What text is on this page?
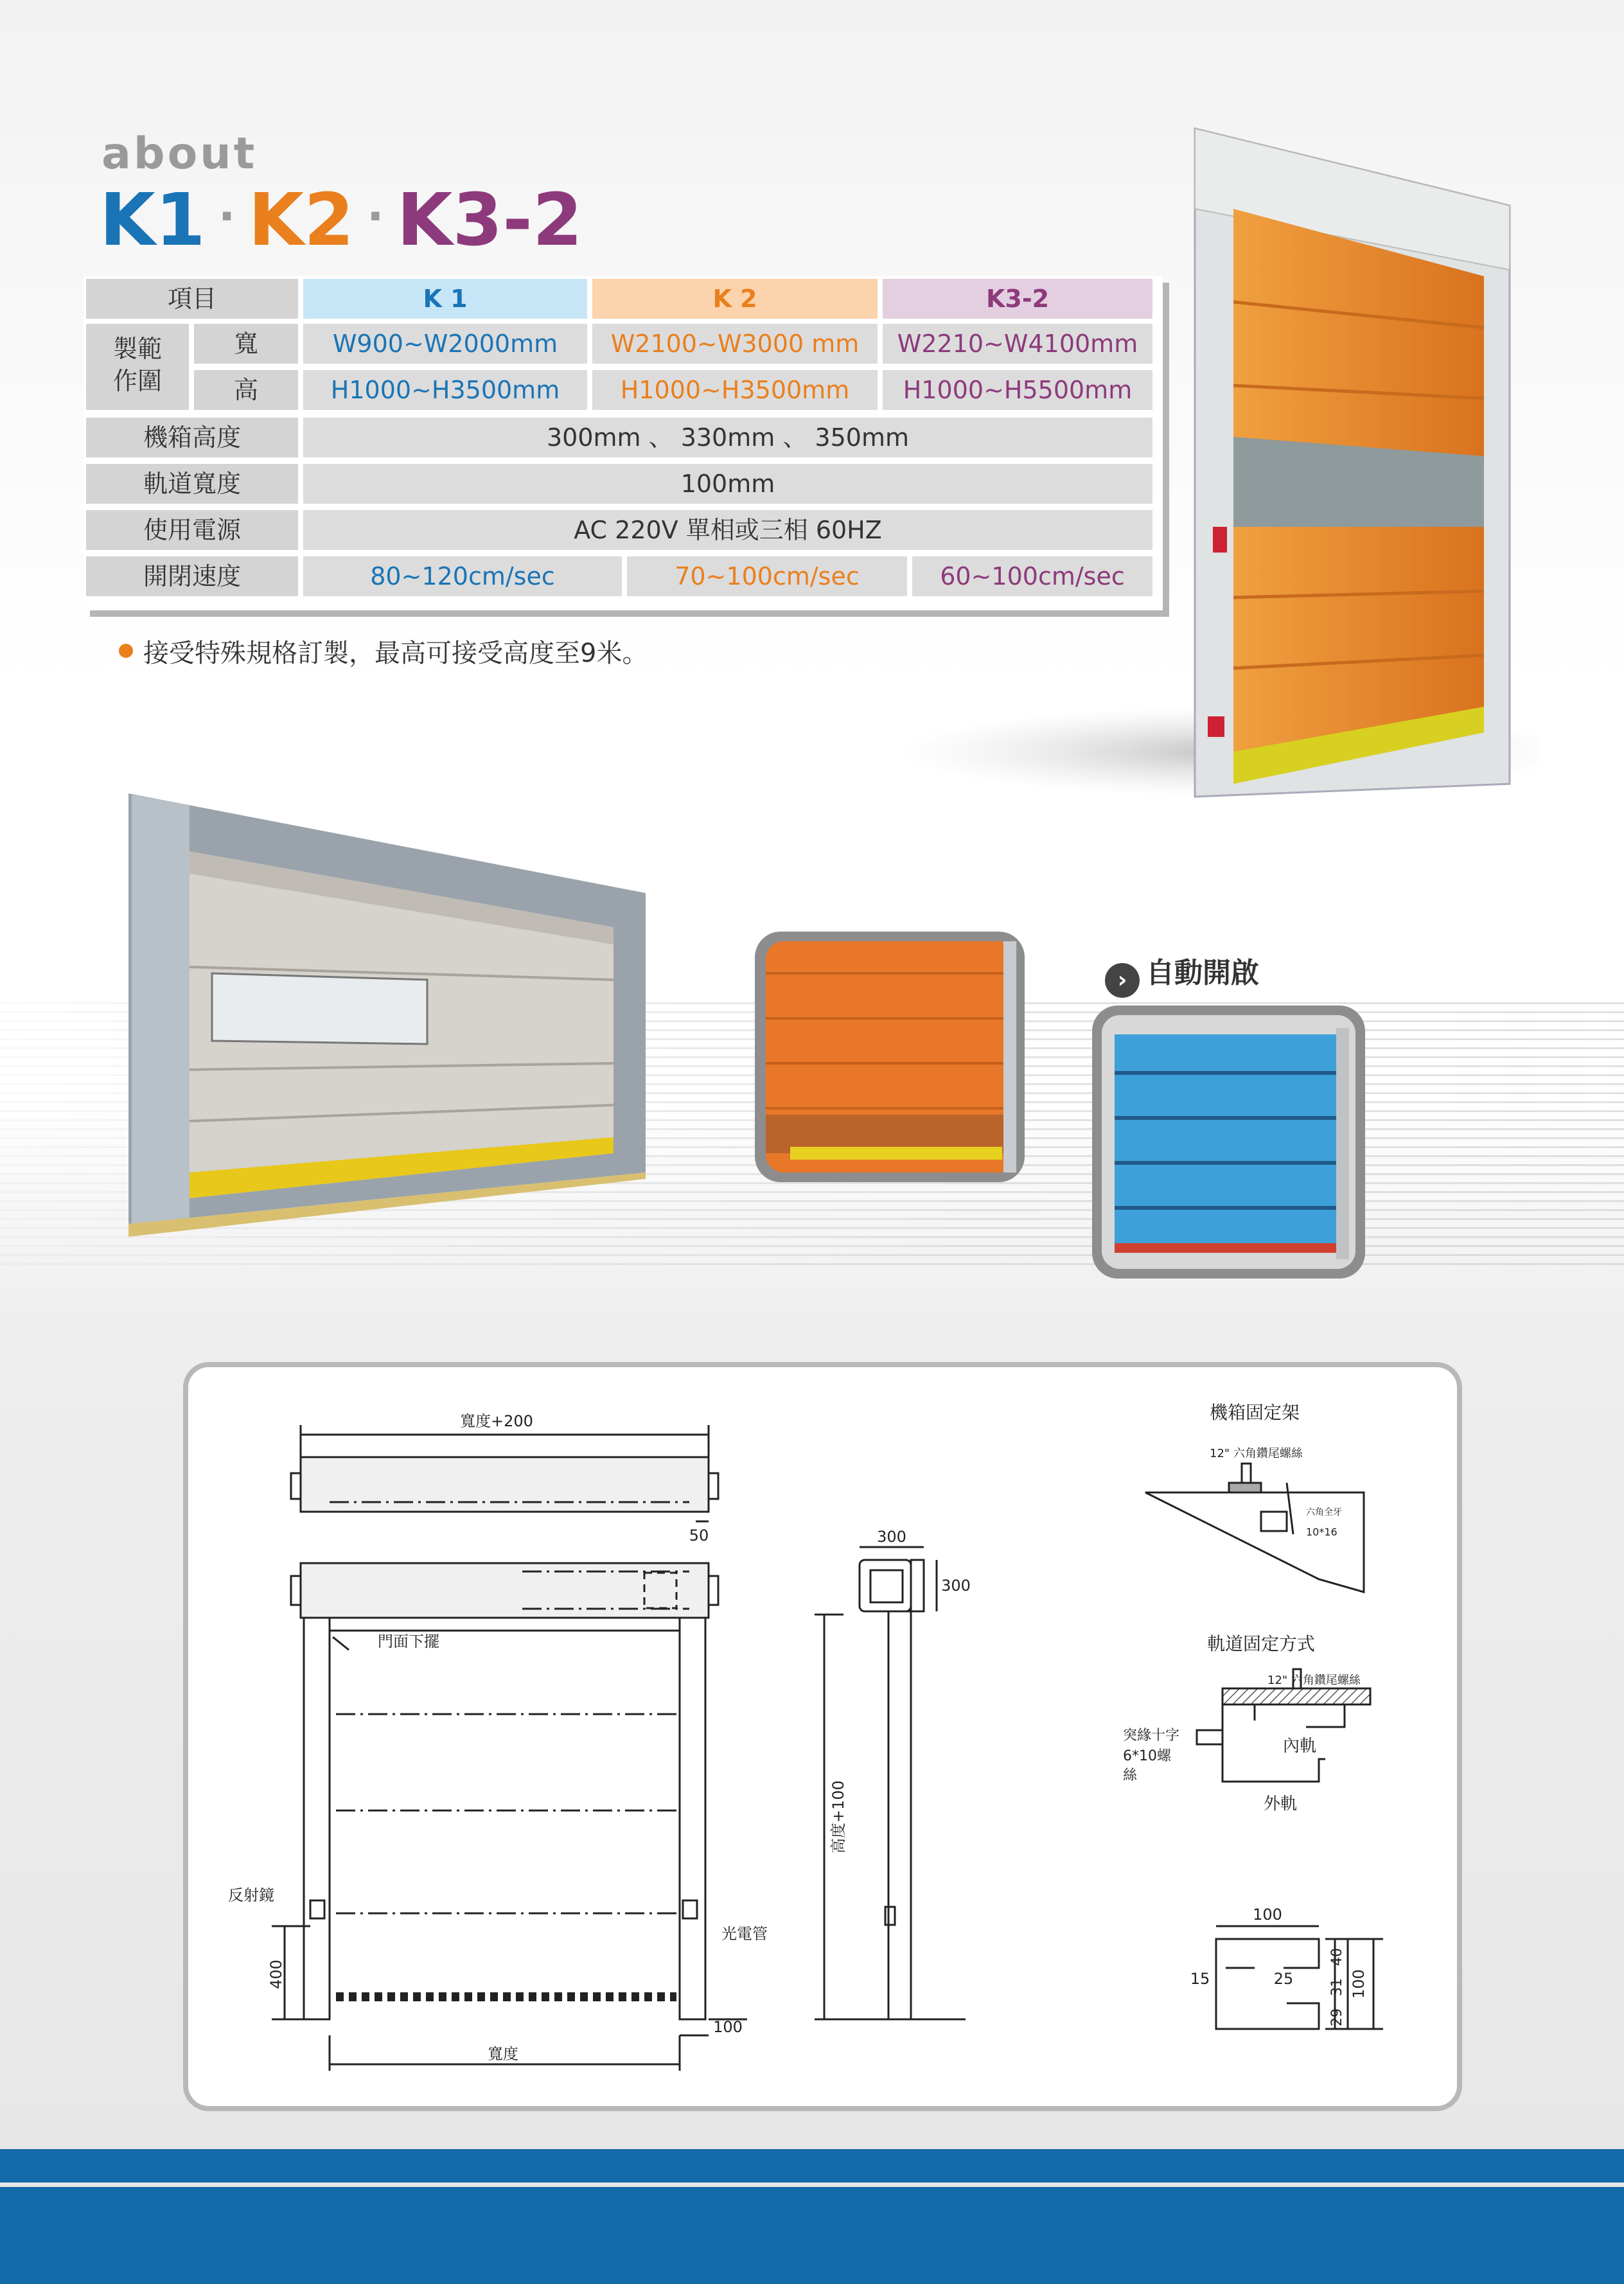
about
K1 · K2 · K3-2
項目	K 1	K 2	K3-2
製範
作圍
寬	W900~W2000mm	W2100~W3000 mm	W2210~W4100mm
高	H1000~H3500mm	H1000~H3500mm	H1000~H5500mm
機箱高度	300mm 、 330mm 、 350mm
軌道寬度	100mm
使用電源	AC 220V 單相或三相 60HZ
開閉速度	80~120cm/sec	70~100cm/sec	60~100cm/sec
接受特殊規格訂製，最高可接受高度至9米。
› 自動開啟
寬度+200
50
門面下擺
反射鏡
光電管
400
100
寬度
300
300
高度+100
機箱固定架
12" 六角鑽尾螺絲
六角全牙
10*16
軌道固定方式
12" 六角鑽尾螺絲
突緣十字
6*10螺
絲
內軌
外軌
100
15	25
29
31
40
100
